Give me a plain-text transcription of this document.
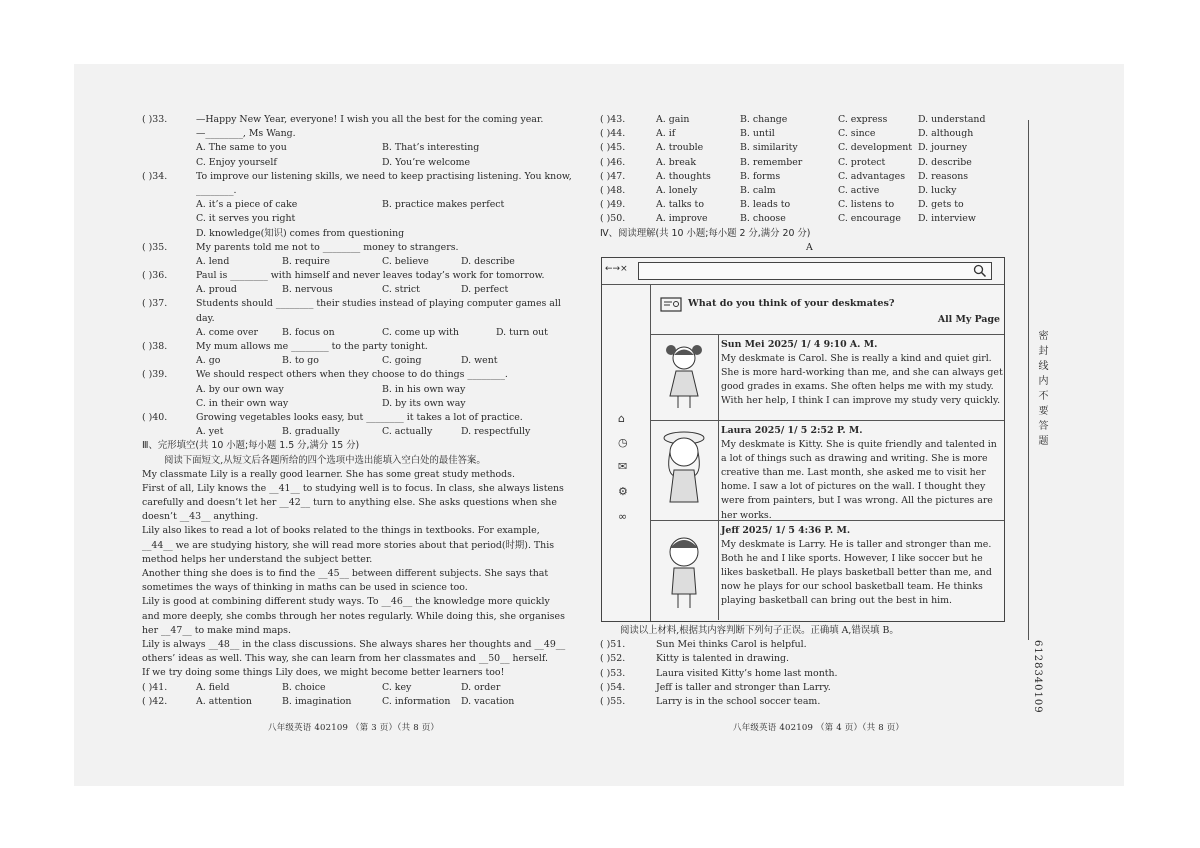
( )33.	—Happy New Year, everyone! I wish you all the best for the coming year.
—________, Ms Wang.
A. The same to you	B. That’s interesting
C. Enjoy yourself	D. You’re welcome
( )34.	To improve our listening skills, we need to keep practising listening. You know,
________.
A. it’s a piece of cake	B. practice makes perfect
C. it serves you right
D. knowledge(知识) comes from questioning
( )35.	My parents told me not to ________ money to strangers.
A. lend	B. require	C. believe	D. describe
( )36.	Paul is ________ with himself and never leaves today’s work for tomorrow.
A. proud	B. nervous	C. strict	D. perfect
( )37.	Students should ________ their studies instead of playing computer games all
day.
A. come over	B. focus on	C. come up with	D. turn out
( )38.	My mum allows me ________ to the party tonight.
A. go	B. to go	C. going	D. went
( )39.	We should respect others when they choose to do things ________.
A. by our own way	B. in his own way
C. in their own way	D. by its own way
( )40.	Growing vegetables looks easy, but ________ it takes a lot of practice.
A. yet	B. gradually	C. actually	D. respectfully
Ⅲ、完形填空(共 10 小题;每小题 1.5 分,满分 15 分)
阅读下面短文,从短文后各题所给的四个选项中选出能填入空白处的最佳答案。
My classmate Lily is a really good learner. She has some great study methods.
First of all, Lily knows the __41__ to studying well is to focus. In class, she always listens
carefully and doesn’t let her __42__ turn to anything else. She asks questions when she
doesn’t __43__ anything.
Lily also likes to read a lot of books related to the things in textbooks. For example,
__44__ we are studying history, she will read more stories about that period(时期). This
method helps her understand the subject better.
Another thing she does is to find the __45__ between different subjects. She says that
sometimes the ways of thinking in maths can be used in science too.
Lily is good at combining different study ways. To __46__ the knowledge more quickly
and more deeply, she combs through her notes regularly. While doing this, she organises
her __47__ to make mind maps.
Lily is always __48__ in the class discussions. She always shares her thoughts and __49__
others’ ideas as well. This way, she can learn from her classmates and __50__ herself.
If we try doing some things Lily does, we might become better learners too!
( )41.	A. field	B. choice	C. key	D. order
( )42.	A. attention	B. imagination	C. information D. vacation
八年级英语 402109 （第 3 页）（共 8 页）
( )43.	A. gain	B. change	C. express	D. understand
( )44.	A. if	B. until	C. since	D. although
( )45.	A. trouble	B. similarity	C. development D. journey
( )46.	A. break	B. remember	C. protect	D. describe
( )47.	A. thoughts	B. forms	C. advantages D. reasons
( )48.	A. lonely	B. calm	C. active	D. lucky
( )49.	A. talks to	B. leads to	C. listens to	D. gets to
( )50.	A. improve	B. choose	C. encourage D. interview
Ⅳ、阅读理解(共 10 小题;每小题 2 分,满分 20 分)
A
←→×
⌂
◷
✉
⚙
∞
What do you think of your deskmates?
All My Page
Sun Mei 2025/ 1/ 4 9:10 A. M.
My deskmate is Carol. She is really a kind and quiet girl. She is more hard-working than me, and she can always get good grades in exams. She often helps me with my study. With her help, I think I can improve my study very quickly.
Laura 2025/ 1/ 5 2:52 P. M.
My deskmate is Kitty. She is quite friendly and talented in a lot of things such as drawing and writing. She is more creative than me. Last month, she asked me to visit her home. I saw a lot of pictures on the wall. I thought they were from painters, but I was wrong. All the pictures are her works.
Jeff 2025/ 1/ 5 4:36 P. M.
My deskmate is Larry. He is taller and stronger than me. Both he and I like sports. However, I like soccer but he likes basketball. He plays basketball better than me, and now he plays for our school basketball team. He thinks playing basketball can bring out the best in him.
阅读以上材料,根据其内容判断下列句子正误。正确填 A,错误填 B。
( )51.	Sun Mei thinks Carol is helpful.
( )52.	Kitty is talented in drawing.
( )53.	Laura visited Kitty’s home last month.
( )54.	Jeff is taller and stronger than Larry.
( )55.	Larry is in the school soccer team.
八年级英语 402109 （第 4 页）（共 8 页）
密封线内不要答题
6128340109
